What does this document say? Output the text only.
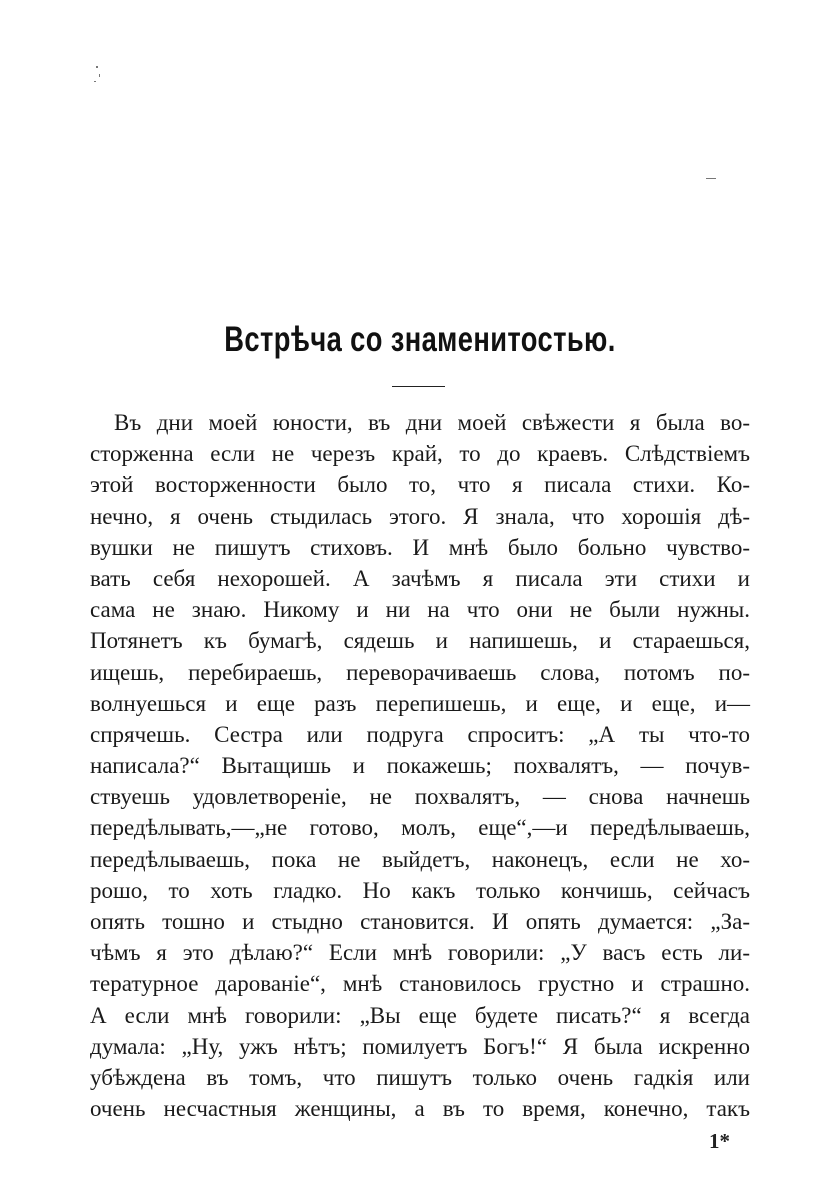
Встрѣча со знаменитостью.
Въ дни моей юности, въ дни моей свѣжести я была во-
сторженна если не черезъ край, то до краевъ. Слѣдствіемъ
этой восторженности было то, что я писала стихи. Ко-
нечно, я очень стыдилась этого. Я знала, что хорошія дѣ-
вушки не пишутъ стиховъ. И мнѣ было больно чувство-
вать себя нехорошей. А зачѣмъ я писала эти стихи и
сама не знаю. Никому и ни на что они не были нужны.
Потянетъ къ бумагѣ, сядешь и напишешь, и стараешься,
ищешь, перебираешь, переворачиваешь слова, потомъ по-
волнуешься и еще разъ перепишешь, и еще, и еще, и—
спрячешь. Сестра или подруга спроситъ: „А ты что-то
написала?“ Вытащишь и покажешь; похвалятъ, — почув-
ствуешь удовлетвореніе, не похвалятъ, — снова начнешь
передѣлывать,—„не готово, молъ, еще“,—и передѣлываешь,
передѣлываешь, пока не выйдетъ, наконецъ, если не хо-
рошо, то хоть гладко. Но какъ только кончишь, сейчасъ
опять тошно и стыдно становится. И опять думается: „За-
чѣмъ я это дѣлаю?“ Если мнѣ говорили: „У васъ есть ли-
тературное дарованіе“, мнѣ становилось грустно и страшно.
А если мнѣ говорили: „Вы еще будете писать?“ я всегда
думала: „Ну, ужъ нѣтъ; помилуетъ Богъ!“ Я была искренно
убѣждена въ томъ, что пишутъ только очень гадкія или
очень несчастныя женщины, а въ то время, конечно, такъ
1*
